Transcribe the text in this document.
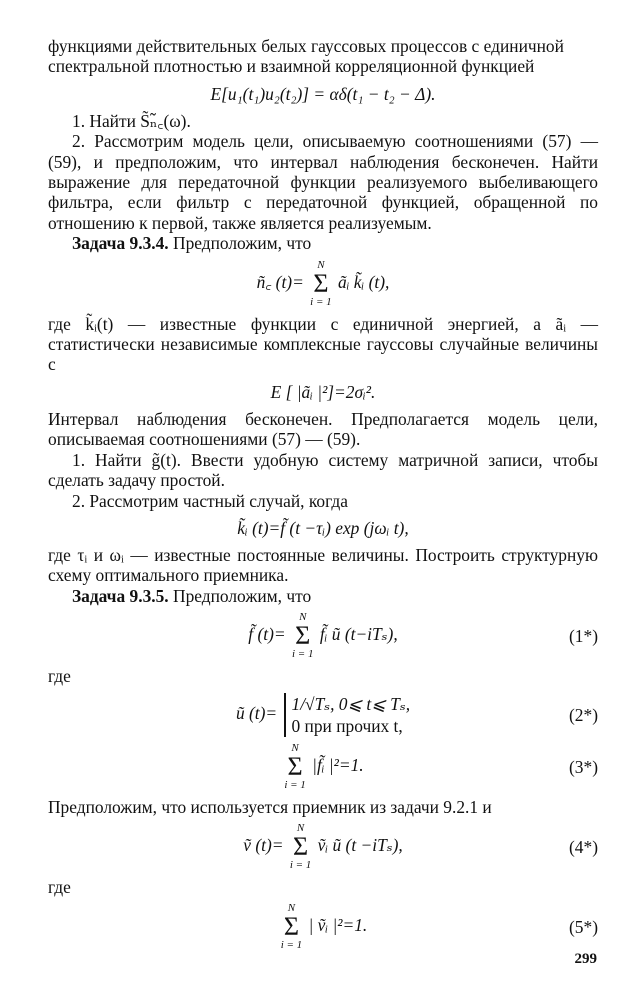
функциями действительных белых гауссовых процессов с единичной

спектральной плотностью и взаимной корреляционной функцией

E[u₁(t₁)u₂(t₂)] = αδ(t₁ − t₂ − Δ).

1. Найти S̃ₙ̃꜀(ω).

2. Рассмотрим модель цели, описываемую соотношениями (57) — (59), и предположим, что интервал наблюдения бесконечен. Найти выражение для передаточной функции реализуемого выбеливающего фильтра, если фильтр с передаточной функцией, обращенной по отношению к первой, также является реализуемым.

Задача 9.3.4. Предположим, что

ñ꜀ (t)=
N
Σ
i = 1
ãᵢ k̃ᵢ (t),

где k̃ᵢ(t) — известные функции с единичной энергией, а ãᵢ — статистически независимые комплексные гауссовы случайные величины с

E [ |ãᵢ |²]=2σᵢ².

Интервал наблюдения бесконечен. Предполагается модель цели, описываемая соотношениями (57) — (59).

1. Найти g̃(t). Ввести удобную систему матричной записи, чтобы сделать задачу простой.

2. Рассмотрим частный случай, когда

k̃ᵢ (t)=f̃ (t −τᵢ) exp (jωᵢ t),

где τᵢ и ωᵢ — известные постоянные величины. Построить структурную схему оптимального приемника.

Задача 9.3.5. Предположим, что

f̃ (t)=
N
Σ
i = 1
f̃ᵢ ũ (t−iTₛ),	(1*)

где

ũ (t)= 1/√Tₛ, 0⩽ t⩽ Tₛ,
0 при прочих t,
(2*)
N
Σ
i = 1
|f̃ᵢ |²=1.	(3*)

Предположим, что используется приемник из задачи 9.2.1 и

ṽ (t)=
N
Σ
i = 1
ṽᵢ ũ (t −iTₛ),	(4*)

где

N
Σ
i = 1
| ṽᵢ |²=1.	(5*)
299
